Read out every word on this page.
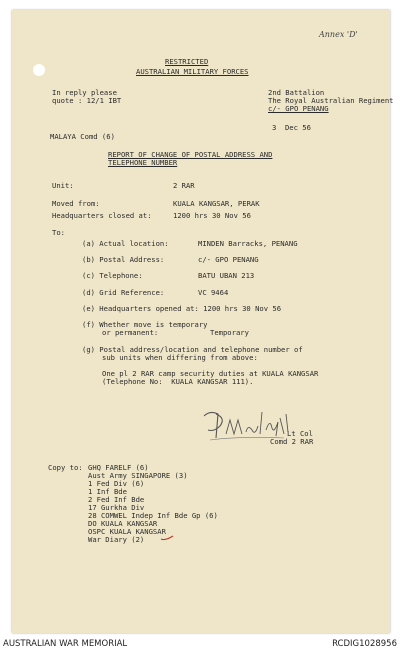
Annex 'D'
RESTRICTED
AUSTRALIAN MILITARY FORCES
In reply please
quote : 12/1 IBT
2nd Battalion
The Royal Australian Regiment
c/- GPO PENANG
3  Dec 56
MALAYA Comd (6)
REPORT OF CHANGE OF POSTAL ADDRESS AND
TELEPHONE NUMBER
Unit:	2 RAR
Moved from:	KUALA KANGSAR, PERAK
Headquarters closed at:	1200 hrs 30 Nov 56
To:
(a) Actual location:	MINDEN Barracks, PENANG
(b) Postal Address:	c/- GPO PENANG
(c) Telephone:	BATU UBAN 213
(d) Grid Reference:	VC 9464
(e) Headquarters opened at: 1200 hrs 30 Nov 56
(f) Whether move is temporary
or permanent:	Temporary
(g) Postal address/location and telephone number of
sub units when differing from above:
One pl 2 RAR camp security duties at KUALA KANGSAR
(Telephone No:  KUALA KANGSAR 111).
Lt Col
Comd 2 RAR
Copy to: GHQ FARELF (6)
Aust Army SINGAPORE (3)
1 Fed Div (6)
1 Inf Bde
2 Fed Inf Bde
17 Gurkha Div
28 COMWEL Indep Inf Bde Gp (6)
DO KUALA KANGSAR
OSPC KUALA KANGSAR
War Diary (2)
AUSTRALIAN WAR MEMORIAL	RCDIG1028956
